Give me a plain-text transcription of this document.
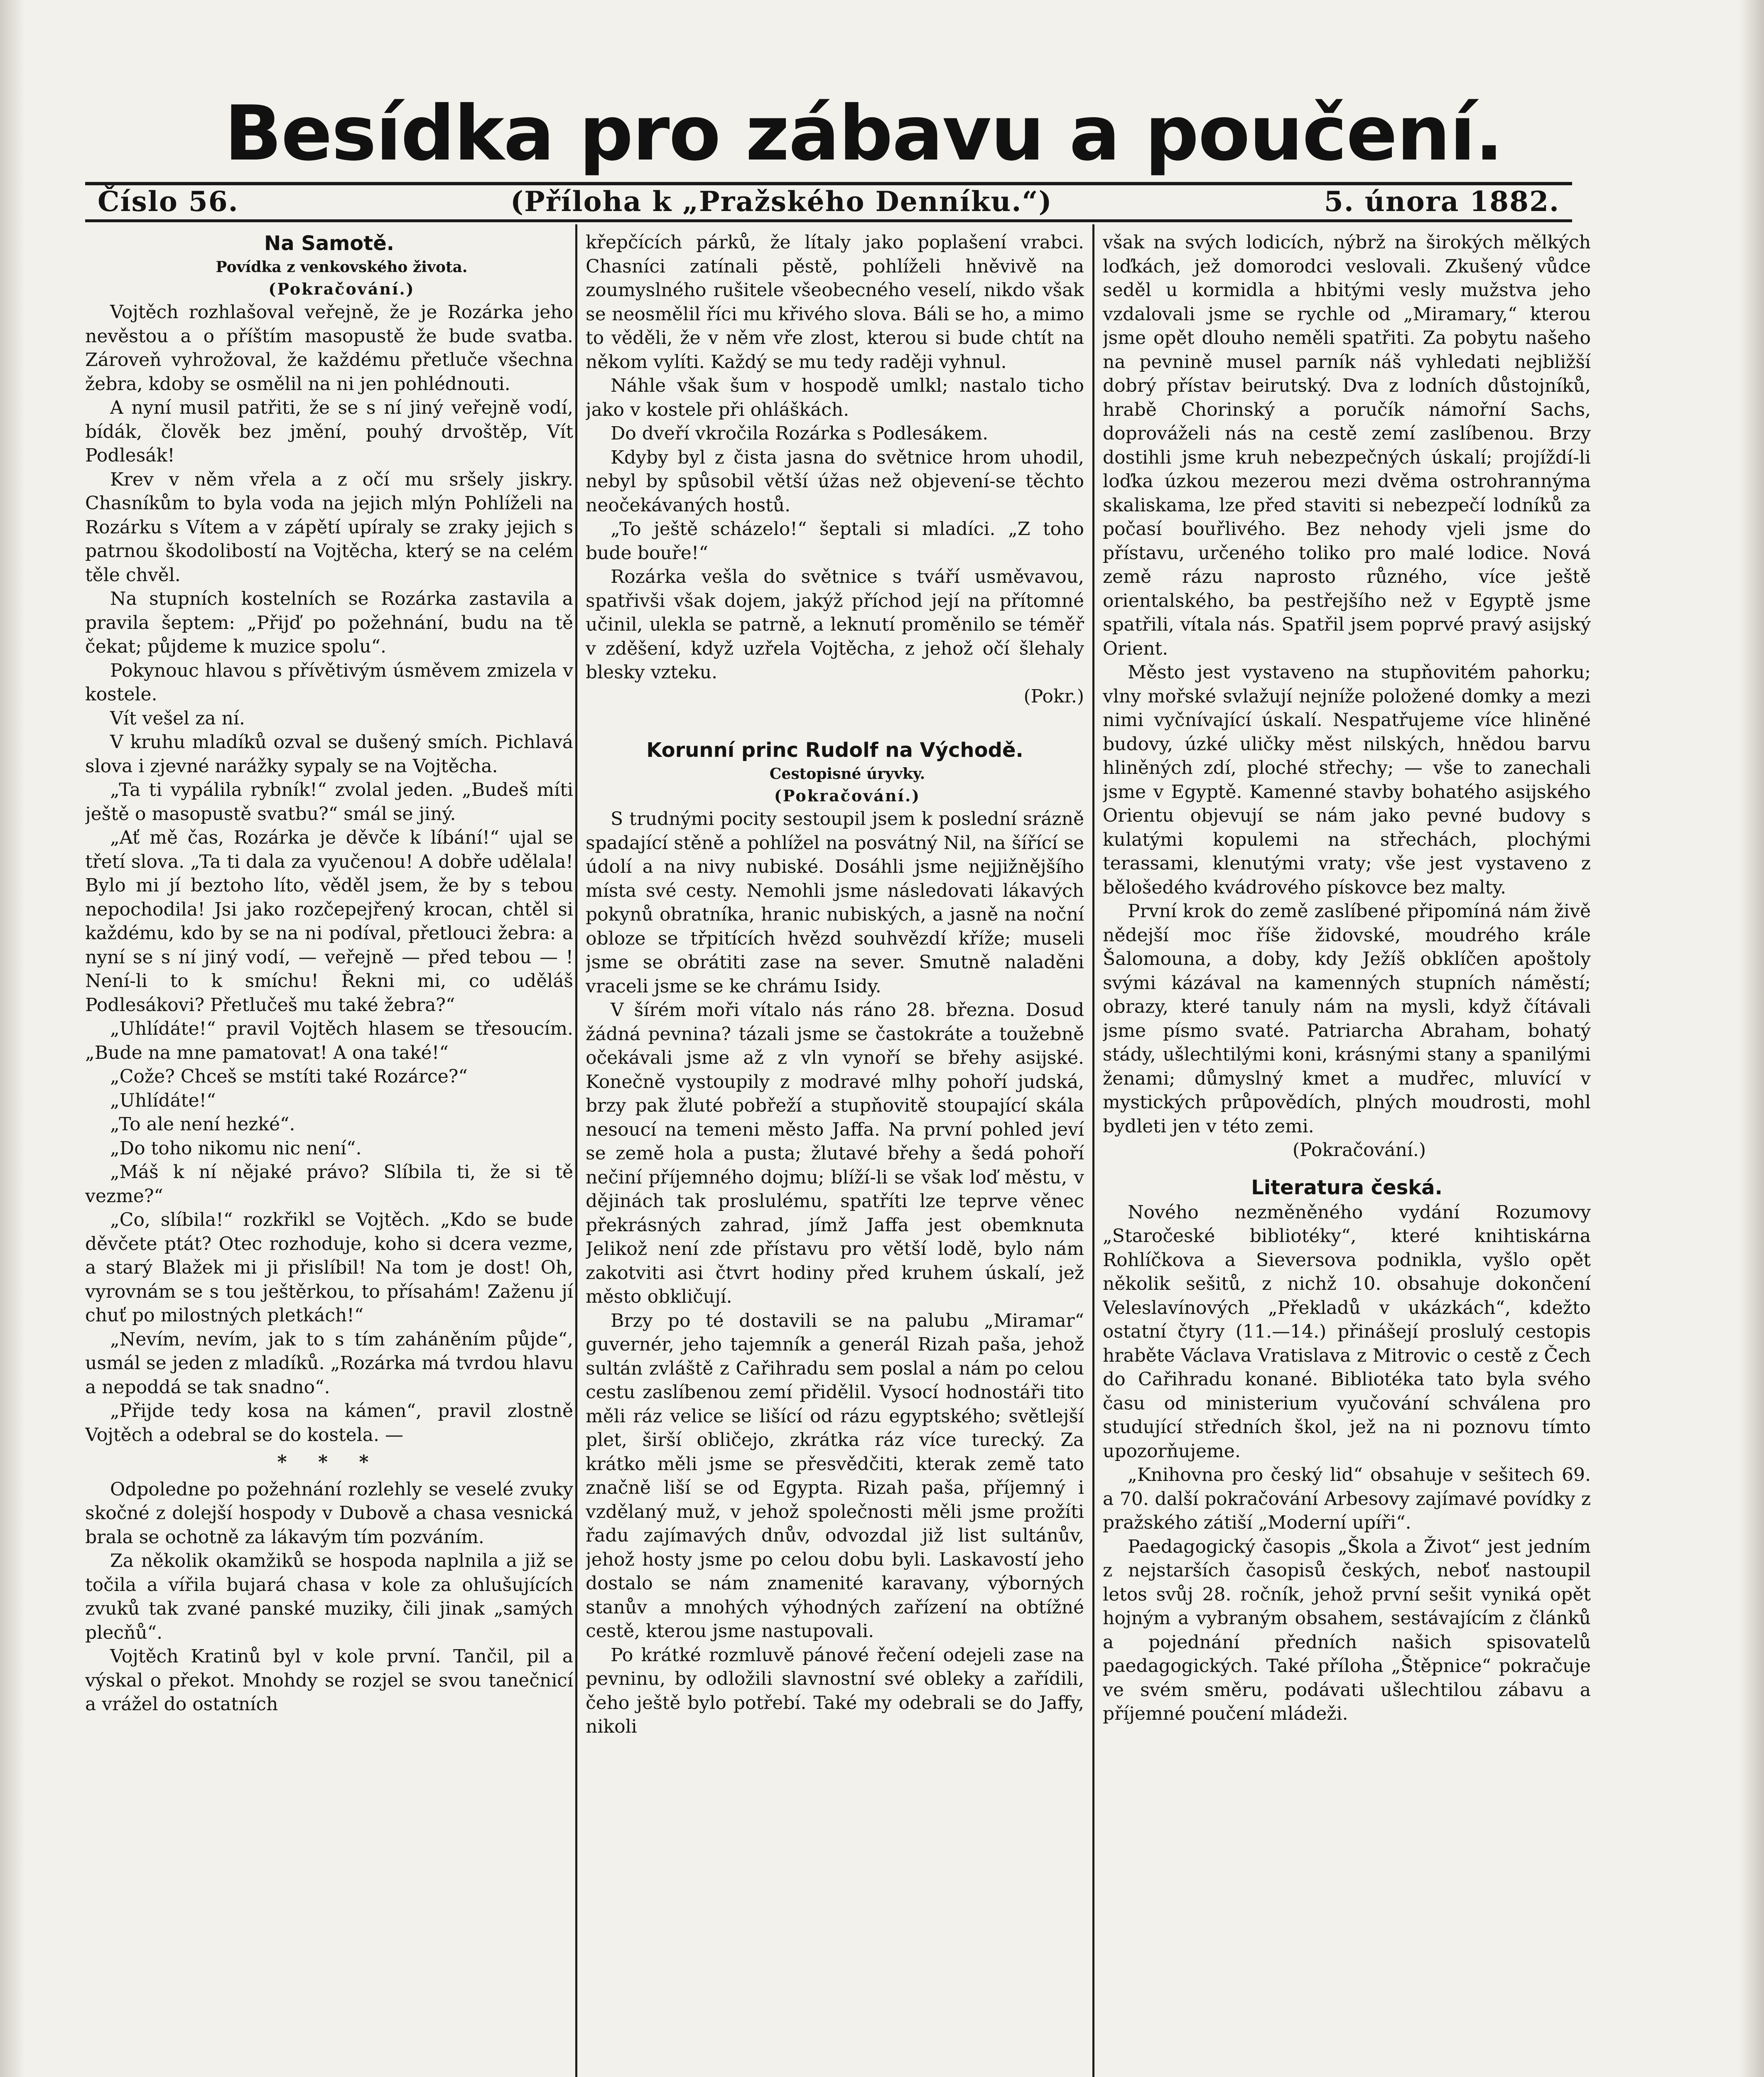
Besídka pro zábavu a poučení.
Číslo 56.	(Příloha k „Pražského Denníku.“)	5. února 1882.
Na Samotě.

Povídka z venkovského života.

(Pokračování.)

Vojtěch rozhlašoval veřejně, že je Rozárka jeho nevěstou a o příštím masopustě že bude svatba. Zároveň vyhrožoval, že každému přetluče všechna žebra, kdoby se osmělil na ni jen pohlédnouti.

A nyní musil patřiti, že se s ní jiný veřejně vodí, bídák, člověk bez jmění, pouhý drvoštěp, Vít Podlesák!

Krev v něm vřela a z očí mu sršely jiskry. Chasníkům to byla voda na jejich mlýn Pohlíželi na Rozárku s Vítem a v zápětí upíraly se zraky jejich s patrnou škodolibostí na Vojtěcha, který se na celém těle chvěl.

Na stupních kostelních se Rozárka zastavila a pravila šeptem: „Přijď po požehnání, budu na tě čekat; půjdeme k muzice spolu“.

Pokynouc hlavou s přívětivým úsměvem zmizela v kostele.

Vít vešel za ní.

V kruhu mladíků ozval se dušený smích. Pichlavá slova i zjevné narážky sypaly se na Vojtěcha.

„Ta ti vypálila rybník!“ zvolal jeden. „Budeš míti ještě o masopustě svatbu?“ smál se jiný.

„Ať mě čas, Rozárka je děvče k líbání!“ ujal se třetí slova. „Ta ti dala za vyučenou! A dobře udělala! Bylo mi jí beztoho líto, věděl jsem, že by s tebou nepochodila! Jsi jako rozčepejřený krocan, chtěl si každému, kdo by se na ni podíval, přetlouci žebra: a nyní se s ní jiný vodí, — veřejně — před tebou — ! Není-li to k smíchu! Řekni mi, co uděláš Podlesákovi? Přetlučeš mu také žebra?“

„Uhlídáte!“ pravil Vojtěch hlasem se třesoucím. „Bude na mne pamatovat! A ona také!“

„Cože? Chceš se mstíti také Rozárce?“

„Uhlídáte!“

„To ale není hezké“.

„Do toho nikomu nic není“.

„Máš k ní nějaké právo? Slíbila ti, že si tě vezme?“

„Co, slíbila!“ rozkřikl se Vojtěch. „Kdo se bude děvčete ptát? Otec rozhoduje, koho si dcera vezme, a starý Blažek mi ji přislíbil! Na tom je dost! Oh, vyrovnám se s tou ještěrkou, to přísahám! Zaženu jí chuť po milostných pletkách!“

„Nevím, nevím, jak to s tím zaháněním půjde“, usmál se jeden z mladíků. „Rozárka má tvrdou hlavu a nepoddá se tak snadno“.

„Přijde tedy kosa na kámen“, pravil zlostně Vojtěch a odebral se do kostela. —

* * *

Odpoledne po požehnání rozlehly se veselé zvuky skočné z dolejší hospody v Dubově a chasa vesnická brala se ochotně za lákavým tím pozváním.

Za několik okamžiků se hospoda naplnila a již se točila a vířila bujará chasa v kole za ohlušujících zvuků tak zvané panské muziky, čili jinak „samých plecňů“.

Vojtěch Kratinů byl v kole první. Tančil, pil a výskal o překot. Mnohdy se rozjel se svou tanečnicí a vrážel do ostatních

křepčících párků, že lítaly jako poplašení vrabci. Chasníci zatínali pěstě, pohlíželi hněvivě na zoumyslného rušitele všeobecného veselí, nikdo však se neosmělil říci mu křivého slova. Báli se ho, a mimo to věděli, že v něm vře zlost, kterou si bude chtít na někom vylíti. Každý se mu tedy raději vyhnul.

Náhle však šum v hospodě umlkl; nastalo ticho jako v kostele při ohláškách.

Do dveří vkročila Rozárka s Podlesákem.

Kdyby byl z čista jasna do světnice hrom uhodil, nebyl by spůsobil větší úžas než objevení-se těchto neočekávaných hostů.

„To ještě scházelo!“ šeptali si mladíci. „Z toho bude bouře!“

Rozárka vešla do světnice s tváří usměvavou, spatřivši však dojem, jakýž příchod její na přítomné učinil, ulekla se patrně, a leknutí proměnilo se téměř v zděšení, když uzřela Vojtěcha, z jehož očí šlehaly blesky vzteku.

(Pokr.)

Korunní princ Rudolf na Východě.

Cestopisné úryvky.

(Pokračování.)

S trudnými pocity sestoupil jsem k poslední srázně spadající stěně a pohlížel na posvátný Nil, na šířící se údolí a na nivy nubiské. Dosáhli jsme nejjižnějšího místa své cesty. Nemohli jsme následovati lákavých pokynů obratníka, hranic nubiských, a jasně na noční obloze se třpitících hvězd souhvězdí kříže; museli jsme se obrátiti zase na sever. Smutně naladěni vraceli jsme se ke chrámu Isidy.

V šírém moři vítalo nás ráno 28. března. Dosud žádná pevnina? tázali jsme se častokráte a toužebně očekávali jsme až z vln vynoří se břehy asijské. Konečně vystoupily z modravé mlhy pohoří judská, brzy pak žluté pobřeží a stupňovitě stoupající skála nesoucí na temeni město Jaffa. Na první pohled jeví se země hola a pusta; žlutavé břehy a šedá pohoří nečiní příjemného dojmu; blíží-li se však loď městu, v dějinách tak proslulému, spatříti lze teprve věnec překrásných zahrad, jímž Jaffa jest obemknuta Jelikož není zde přístavu pro větší lodě, bylo nám zakotviti asi čtvrt hodiny před kruhem úskalí, jež město obkličují.

Brzy po té dostavili se na palubu „Miramar“ guvernér, jeho tajemník a generál Rizah paša, jehož sultán zvláště z Cařihradu sem poslal a nám po celou cestu zaslíbenou zemí přidělil. Vysocí hodnostáři tito měli ráz velice se lišící od rázu egyptského; světlejší plet, širší obličejo, zkrátka ráz více turecký. Za krátko měli jsme se přesvědčiti, kterak země tato značně liší se od Egypta. Rizah paša, příjemný i vzdělaný muž, v jehož společnosti měli jsme prožíti řadu zajímavých dnův, odvozdal již list sultánův, jehož hosty jsme po celou dobu byli. Laskavostí jeho dostalo se nám znamenité karavany, výborných stanův a mnohých výhodných zařízení na obtížné cestě, kterou jsme nastupovali.

Po krátké rozmluvě pánové řečení odejeli zase na pevninu, by odložili slavnostní své obleky a zařídili, čeho ještě bylo potřebí. Také my odebrali se do Jaffy, nikoli

však na svých lodicích, nýbrž na širokých mělkých loďkách, jež domorodci veslovali. Zkušený vůdce seděl u kormidla a hbitými vesly mužstva jeho vzdalovali jsme se rychle od „Miramary,“ kterou jsme opět dlouho neměli spatřiti. Za pobytu našeho na pevnině musel parník náš vyhledati nejbližší dobrý přístav beirutský. Dva z lodních důstojníků, hrabě Chorinský a poručík námořní Sachs, doprováželi nás na cestě zemí zaslíbenou. Brzy dostihli jsme kruh nebezpečných úskalí; projíždí-li loďka úzkou mezerou mezi dvěma ostrohrannýma skaliskama, lze před staviti si nebezpečí lodníků za počasí bouřlivého. Bez nehody vjeli jsme do přístavu, určeného toliko pro malé lodice. Nová země rázu naprosto různého, více ještě orientalského, ba pestřejšího než v Egyptě jsme spatřili, vítala nás. Spatřil jsem poprvé pravý asijský Orient.

Město jest vystaveno na stupňovitém pahorku; vlny mořské svlažují nejníže položené domky a mezi nimi vyčnívající úskalí. Nespatřujeme více hliněné budovy, úzké uličky měst nilských, hnědou barvu hliněných zdí, ploché střechy; — vše to zanechali jsme v Egyptě. Kamenné stavby bohatého asijského Orientu objevují se nám jako pevné budovy s kulatými kopulemi na střechách, plochými terassami, klenutými vraty; vše jest vystaveno z bělošedého kvádrového pískovce bez malty.

První krok do země zaslíbené připomíná nám živě nědejší moc říše židovské, moudrého krále Šalomouna, a doby, kdy Ježíš obklíčen apoštoly svými kázával na kamenných stupních náměstí; obrazy, které tanuly nám na mysli, když čítávali jsme písmo svaté. Patriarcha Abraham, bohatý stády, ušlechtilými koni, krásnými stany a spanilými ženami; důmyslný kmet a mudřec, mluvící v mystických průpovědích, plných moudrosti, mohl bydleti jen v této zemi.

(Pokračování.)

Literatura česká.

Nového nezměněného vydání Rozumovy „Staročeské bibliotéky“, které knihtiskárna Rohlíčkova a Sieversova podnikla, vyšlo opět několik sešitů, z nichž 10. obsahuje dokončení Veleslavínových „Překladů v ukázkách“, kdežto ostatní čtyry (11.—14.) přinášejí proslulý cestopis hraběte Václava Vratislava z Mitrovic o cestě z Čech do Cařihradu konané. Bibliotéka tato byla svého času od ministerium vyučování schválena pro studující středních škol, jež na ni poznovu tímto upozorňujeme.

„Knihovna pro český lid“ obsahuje v sešitech 69. a 70. další pokračování Arbesovy zajímavé povídky z pražského zátiší „Moderní upíři“.

Paedagogický časopis „Škola a Život“ jest jedním z nejstarších časopisů českých, neboť nastoupil letos svůj 28. ročník, jehož první sešit vyniká opět hojným a vybraným obsahem, sestávajícím z článků a pojednání předních našich spisovatelů paedagogických. Také příloha „Štěpnice“ pokračuje ve svém směru, podávati ušlechtilou zábavu a příjemné poučení mládeži.
